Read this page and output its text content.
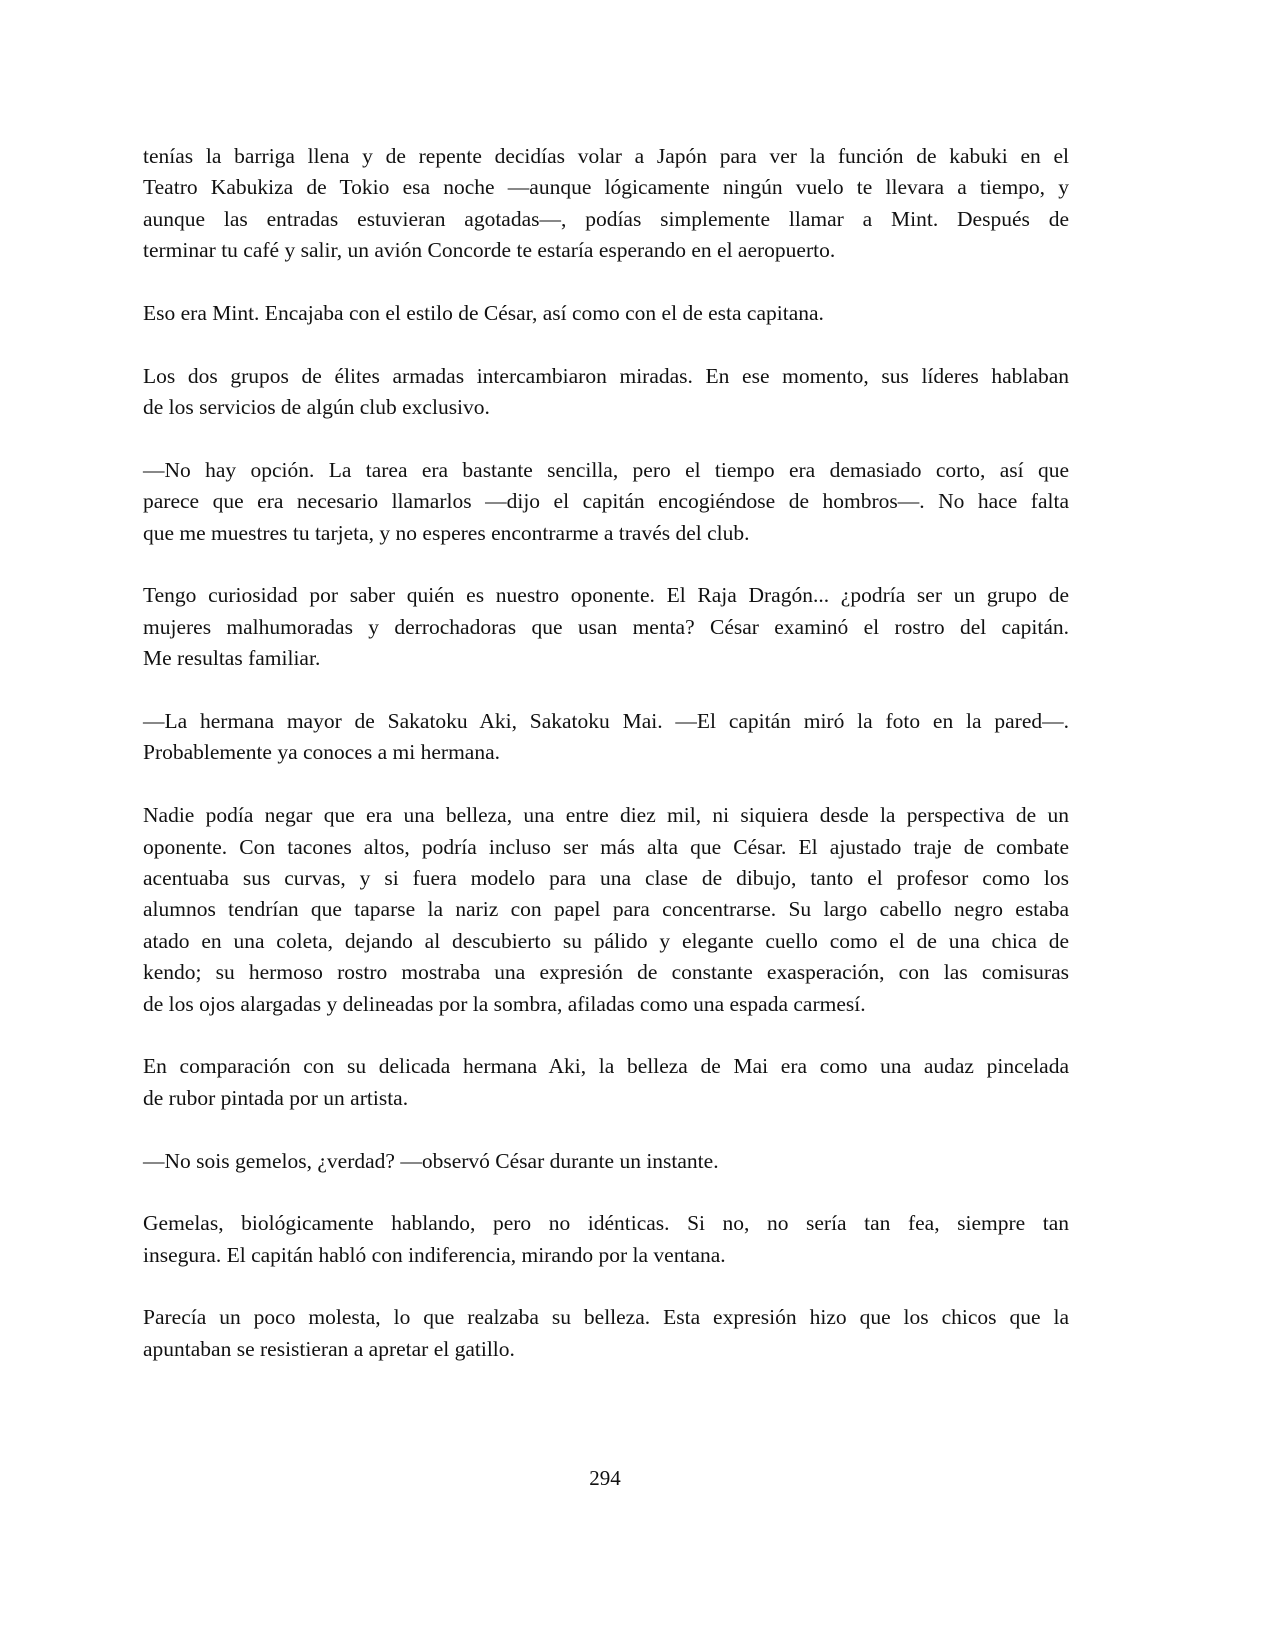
tenías la barriga llena y de repente decidías volar a Japón para ver la función de kabuki en el
Teatro Kabukiza de Tokio esa noche —aunque lógicamente ningún vuelo te llevara a tiempo, y
aunque las entradas estuvieran agotadas—, podías simplemente llamar a Mint. Después de
terminar tu café y salir, un avión Concorde te estaría esperando en el aeropuerto.

Eso era Mint. Encajaba con el estilo de César, así como con el de esta capitana.

Los dos grupos de élites armadas intercambiaron miradas. En ese momento, sus líderes hablaban
de los servicios de algún club exclusivo.

—No hay opción. La tarea era bastante sencilla, pero el tiempo era demasiado corto, así que
parece que era necesario llamarlos —dijo el capitán encogiéndose de hombros—. No hace falta
que me muestres tu tarjeta, y no esperes encontrarme a través del club.

Tengo curiosidad por saber quién es nuestro oponente. El Raja Dragón... ¿podría ser un grupo de
mujeres malhumoradas y derrochadoras que usan menta? César examinó el rostro del capitán.
Me resultas familiar.

—La hermana mayor de Sakatoku Aki, Sakatoku Mai. —El capitán miró la foto en la pared—.
Probablemente ya conoces a mi hermana.

Nadie podía negar que era una belleza, una entre diez mil, ni siquiera desde la perspectiva de un
oponente. Con tacones altos, podría incluso ser más alta que César. El ajustado traje de combate
acentuaba sus curvas, y si fuera modelo para una clase de dibujo, tanto el profesor como los
alumnos tendrían que taparse la nariz con papel para concentrarse. Su largo cabello negro estaba
atado en una coleta, dejando al descubierto su pálido y elegante cuello como el de una chica de
kendo; su hermoso rostro mostraba una expresión de constante exasperación, con las comisuras
de los ojos alargadas y delineadas por la sombra, afiladas como una espada carmesí.

En comparación con su delicada hermana Aki, la belleza de Mai era como una audaz pincelada
de rubor pintada por un artista.

—No sois gemelos, ¿verdad? —observó César durante un instante.

Gemelas, biológicamente hablando, pero no idénticas. Si no, no sería tan fea, siempre tan
insegura. El capitán habló con indiferencia, mirando por la ventana.

Parecía un poco molesta, lo que realzaba su belleza. Esta expresión hizo que los chicos que la
apuntaban se resistieran a apretar el gatillo.

294
